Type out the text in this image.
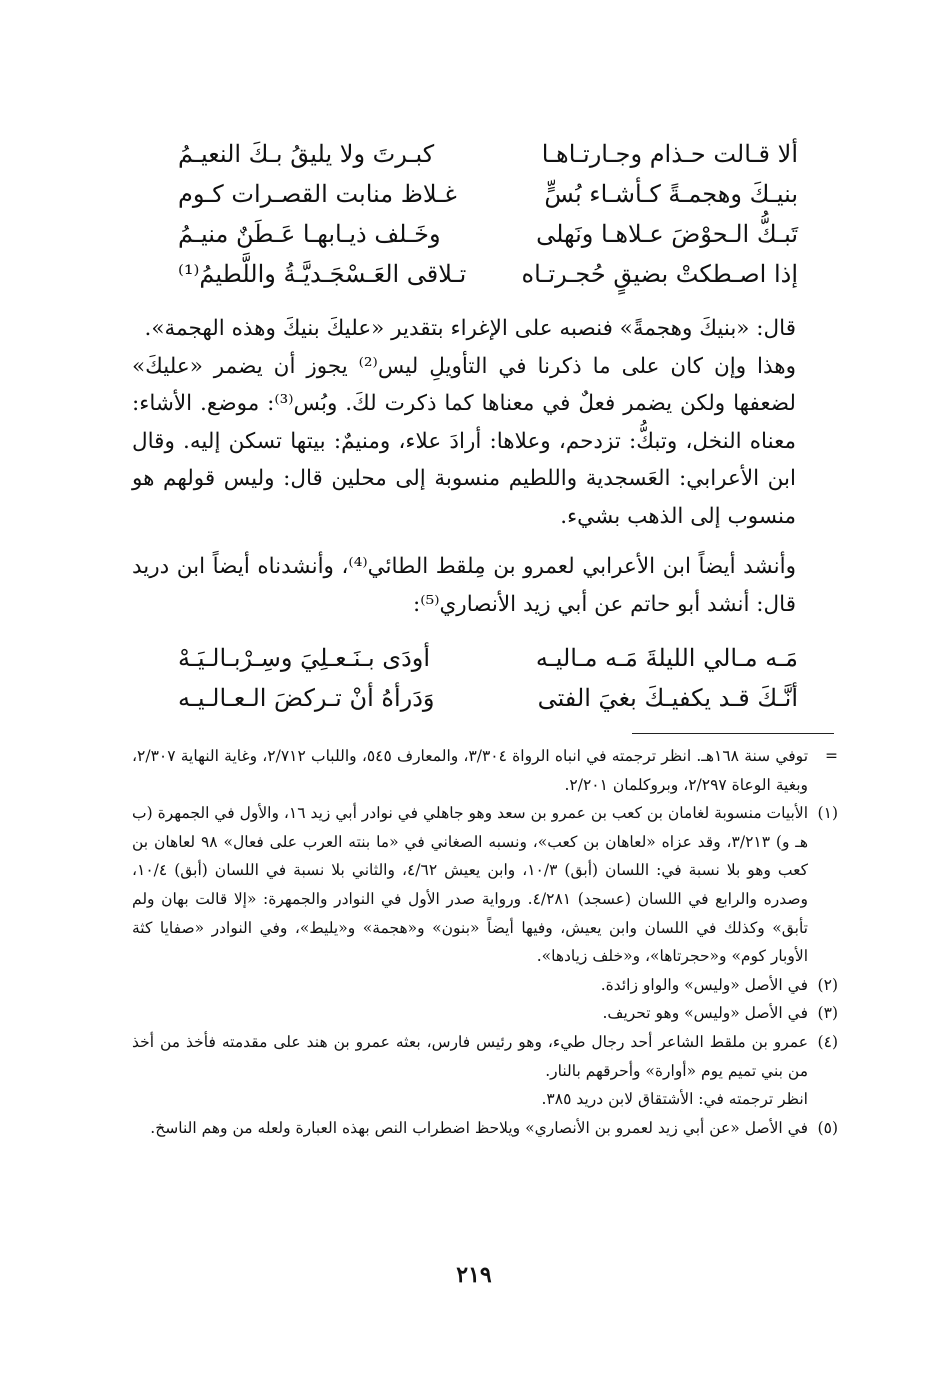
ألا قـالت حـذام وجـارتـاهـا
كبـرتَ ولا يليقُ بـكَ النعيـمُ
بنيـكَ وهجمـةً كـأشـاء بُسٍّ
غـلاظ منابت القصـرات كـوم
تَبـكُّ الـحوْضَ عـلاهـا ونَهلى
وخَـلف ذيـابهـا عَـطَنٌ منيـمُ
إذا اصـطكتْ بضيقٍ حُجـرتـاه
تـلاقى العَـسْجَـديَّـةُ واللَّطيمُ⁽¹⁾

قال: «بنيكَ وهجمةً» فنصبه على الإغراء بتقدير «عليكَ بنيكَ وهذه الهجمة».

وهذا وإن كان على ما ذكرنا في التأويلِ ليس⁽²⁾ يجوز أن يضمر «عليكَ» لضعفها ولكن يضمر فعلٌ في معناها كما ذكرت لكَ. وبُس⁽³⁾: موضع. الأشاء: معناه النخل، وتبكُّ: تزدحم، وعلاها: أرادَ علاء، ومنيمٌ: بيتها تسكن إليه. وقال ابن الأعرابي: العَسجدية واللطيم منسوبة إلى محلين قال: وليس قولهم هو منسوب إلى الذهب بشيء.

وأنشد أيضاً ابن الأعرابي لعمرو بن مِلقط الطائي⁽⁴⁾، وأنشدناه أيضاً ابن دريد قال: أنشد أبو حاتم عن أبي زيد الأنصاري⁽⁵⁾:

مَـه مـالي الليلةَ مَـه مـاليـه
أودَى بـنَـعـلِيَ وسِـرْبـالـيَـهْ
أنَّـكَ قـد يكفيـكَ بغيَ الفتى
وَدَرأهُ أنْ تـركضَ الـعـالـيـه
=

توفي سنة ١٦٨هـ. انظر ترجمته في انباه الرواة ٣/٣٠٤، والمعارف ٥٤٥، واللباب ٢/٧١٢، وغاية النهاية ٢/٣٠٧، وبغية الوعاة ٢/٢٩٧، وبروكلمان ٢/٢٠١.

(١)

الأبيات منسوبة لغامان بن كعب بن عمرو بن سعد وهو جاهلي في نوادر أبي زيد ١٦، والأول في الجمهرة (ب هـ و) ٣/٢١٣، وقد عزاه «لعاهان بن كعب»، ونسبه الصغاني في «ما بنته العرب على فعال» ٩٨ لعاهان بن كعب وهو بلا نسبة في: اللسان (أبق) ١٠/٣، وابن يعيش ٤/٦٢، والثاني بلا نسبة في اللسان (أبق) ١٠/٤، وصدره والرابع في اللسان (عسجد) ٤/٢٨١. ورواية صدر الأول في النوادر والجمهرة: «إلا قالت بهان ولم تأبق» وكذلك في اللسان وابن يعيش، وفيها أيضاً «بنون» و«هجمة» و«يليط»، وفي النوادر «صفايا كثة الأوبار كوم» و«حجرتاها»، و«خلف زيادها».

(٢)

في الأصل «وليس» والواو زائدة.

(٣)

في الأصل «وليس» وهو تحريف.

(٤)

عمرو بن ملقط الشاعر أحد رجال طيء، وهو رئيس فارس، بعثه عمرو بن هند على مقدمته فأخذ من أخذ من بني تميم يوم «أوارة» وأحرقهم بالنار.

انظر ترجمته في: الأشتقاق لابن دريد ٣٨٥.

(٥)

في الأصل «عن أبي زيد لعمرو بن الأنصاري» ويلاحظ اضطراب النص بهذه العبارة ولعله من وهم الناسخ.

٢١٩
